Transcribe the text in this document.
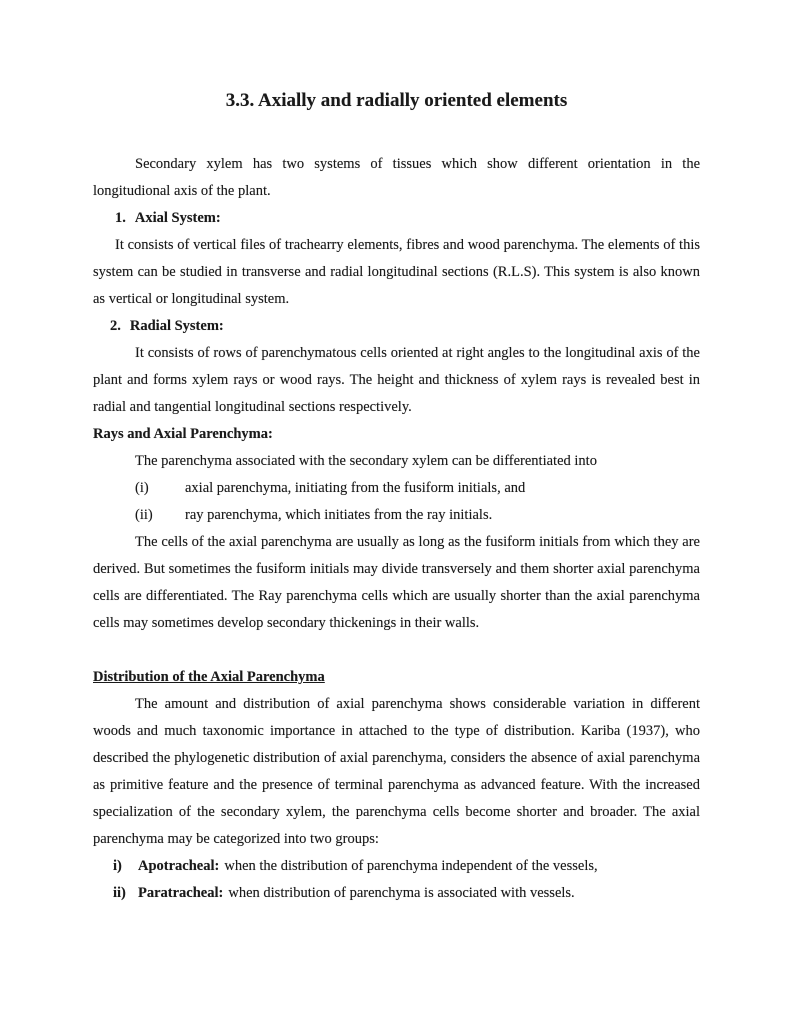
3.3. Axially and radially oriented elements

Secondary xylem has two systems of tissues which show different orientation in the longitudional axis of the plant.

1. Axial System:

It consists of vertical files of trachearry elements, fibres and wood parenchyma. The elements of this system can be studied in transverse and radial longitudinal sections (R.L.S). This system is also known as vertical or longitudinal system.

2. Radial System:

It consists of rows of parenchymatous cells oriented at right angles to the longitudinal axis of the plant and forms xylem rays or wood rays. The height and thickness of xylem rays is revealed best in radial and tangential longitudinal sections respectively.

Rays and Axial Parenchyma:

The parenchyma associated with the secondary xylem can be differentiated into

(i)	axial parenchyma, initiating from the fusiform initials, and
(ii) ray parenchyma, which initiates from the ray initials.

The cells of the axial parenchyma are usually as long as the fusiform initials from which they are derived. But sometimes the fusiform initials may divide transversely and them shorter axial parenchyma cells are differentiated. The Ray parenchyma cells which are usually shorter than the axial parenchyma cells may sometimes develop secondary thickenings in their walls.

Distribution of the Axial Parenchyma

The amount and distribution of axial parenchyma shows considerable variation in different woods and much taxonomic importance in attached to the type of distribution. Kariba (1937), who described the phylogenetic distribution of axial parenchyma, considers the absence of axial parenchyma as primitive feature and the presence of terminal parenchyma as advanced feature. With the increased specialization of the secondary xylem, the parenchyma cells become shorter and broader. The axial parenchyma may be categorized into two groups:

i) Apotracheal: when the distribution of parenchyma independent of the vessels,
ii) Paratracheal: when distribution of parenchyma is associated with vessels.
